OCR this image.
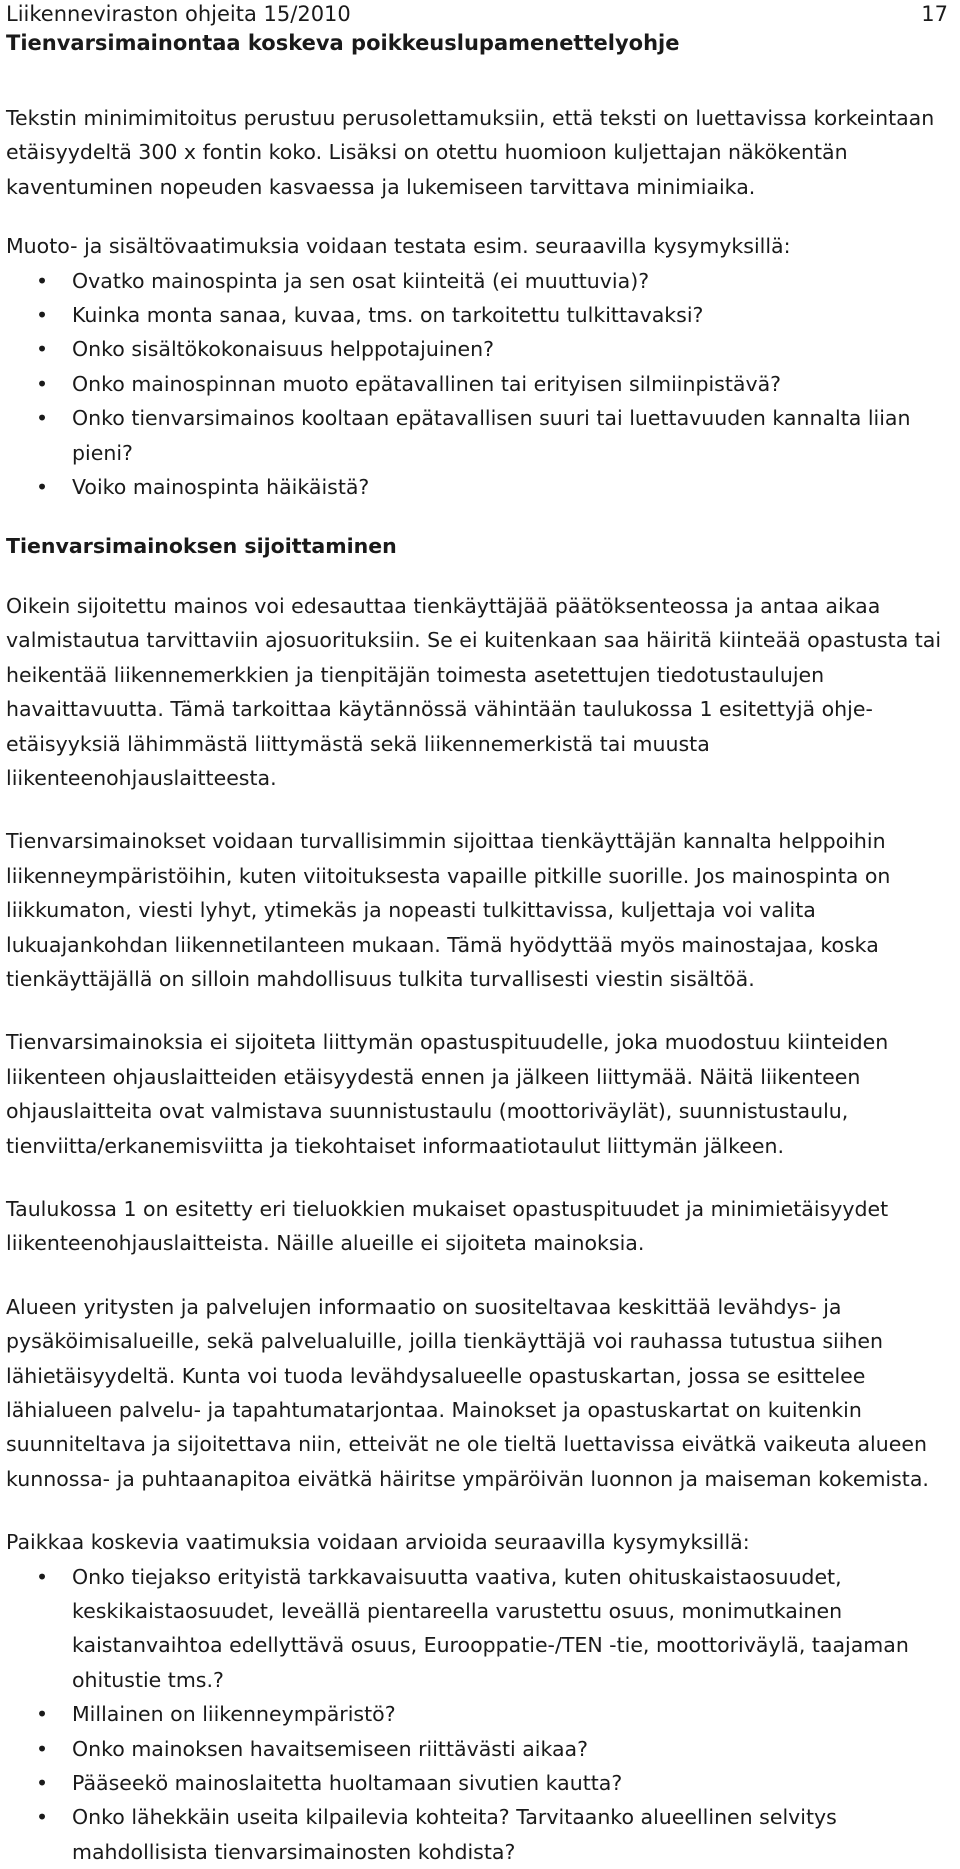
Liikenneviraston ohjeita 15/2010
Tienvarsimainontaa koskeva poikkeuslupamenettelyohje
17

Tekstin minimimitoitus perustuu perusolettamuksiin, että teksti on luettavissa korkeintaan etäisyydeltä 300 x fontin koko. Lisäksi on otettu huomioon kuljettajan näkökentän kaventuminen nopeuden kasvaessa ja lukemiseen tarvittava minimiaika.

Muoto- ja sisältövaatimuksia voidaan testata esim. seuraavilla kysymyksillä:

• Ovatko mainospinta ja sen osat kiinteitä (ei muuttuvia)?
• Kuinka monta sanaa, kuvaa, tms. on tarkoitettu tulkittavaksi?
• Onko sisältökokonaisuus helppotajuinen?
• Onko mainospinnan muoto epätavallinen tai erityisen silmiinpistävä?
• Onko tienvarsimainos kooltaan epätavallisen suuri tai luettavuuden kannalta liian pieni?
• Voiko mainospinta häikäistä?

Tienvarsimainoksen sijoittaminen

Oikein sijoitettu mainos voi edesauttaa tienkäyttäjää päätöksenteossa ja antaa aikaa valmistautua tarvittaviin ajosuorituksiin. Se ei kuitenkaan saa häiritä kiinteää opastusta tai heikentää liikennemerkkien ja tienpitäjän toimesta asetettujen tiedotustaulujen havaittavuutta. Tämä tarkoittaa käytännössä vähintään taulukossa 1 esitettyjä ohje-etäisyyksiä lähimmästä liittymästä sekä liikennemerkistä tai muusta liikenteenohjauslaitteesta.

Tienvarsimainokset voidaan turvallisimmin sijoittaa tienkäyttäjän kannalta helppoihin liikenneympäristöihin, kuten viitoituksesta vapaille pitkille suorille. Jos mainospinta on liikkumaton, viesti lyhyt, ytimekäs ja nopeasti tulkittavissa, kuljettaja voi valita lukuajankohdan liikennetilanteen mukaan. Tämä hyödyttää myös mainostajaa, koska tienkäyttäjällä on silloin mahdollisuus tulkita turvallisesti viestin sisältöä.

Tienvarsimainoksia ei sijoiteta liittymän opastuspituudelle, joka muodostuu kiinteiden liikenteen ohjauslaitteiden etäisyydestä ennen ja jälkeen liittymää. Näitä liikenteen ohjauslaitteita ovat valmistava suunnistustaulu (moottoriväylät), suunnistustaulu, tienviitta/erkanemisviitta ja tiekohtaiset informaatiotaulut liittymän jälkeen.

Taulukossa 1 on esitetty eri tieluokkien mukaiset opastuspituudet ja minimietäisyydet liikenteenohjauslaitteista. Näille alueille ei sijoiteta mainoksia.

Alueen yritysten ja palvelujen informaatio on suositeltavaa keskittää levähdys- ja pysäköimisalueille, sekä palvelualuille, joilla tienkäyttäjä voi rauhassa tutustua siihen lähietäisyydeltä. Kunta voi tuoda levähdysalueelle opastuskartan, jossa se esittelee lähialueen palvelu- ja tapahtumatarjontaa. Mainokset ja opastuskartat on kuitenkin suunniteltava ja sijoitettava niin, etteivät ne ole tieltä luettavissa eivätkä vaikeuta alueen kunnossa- ja puhtaanapitoa eivätkä häiritse ympäröivän luonnon ja maiseman kokemista.

Paikkaa koskevia vaatimuksia voidaan arvioida seuraavilla kysymyksillä:

• Onko tiejakso erityistä tarkkavaisuutta vaativa, kuten ohituskaistaosuudet, keskikaistaosuudet, leveällä pientareella varustettu osuus, monimutkainen kaistanvaihtoa edellyttävä osuus, Eurooppatie-/TEN -tie, moottoriväylä, taajaman ohitustie tms.?
• Millainen on liikenneympäristö?
• Onko mainoksen havaitsemiseen riittävästi aikaa?
• Pääseekö mainoslaitetta huoltamaan sivutien kautta?
• Onko lähekkäin useita kilpailevia kohteita? Tarvitaanko alueellinen selvitys mahdollisista tienvarsimainosten kohdista?
